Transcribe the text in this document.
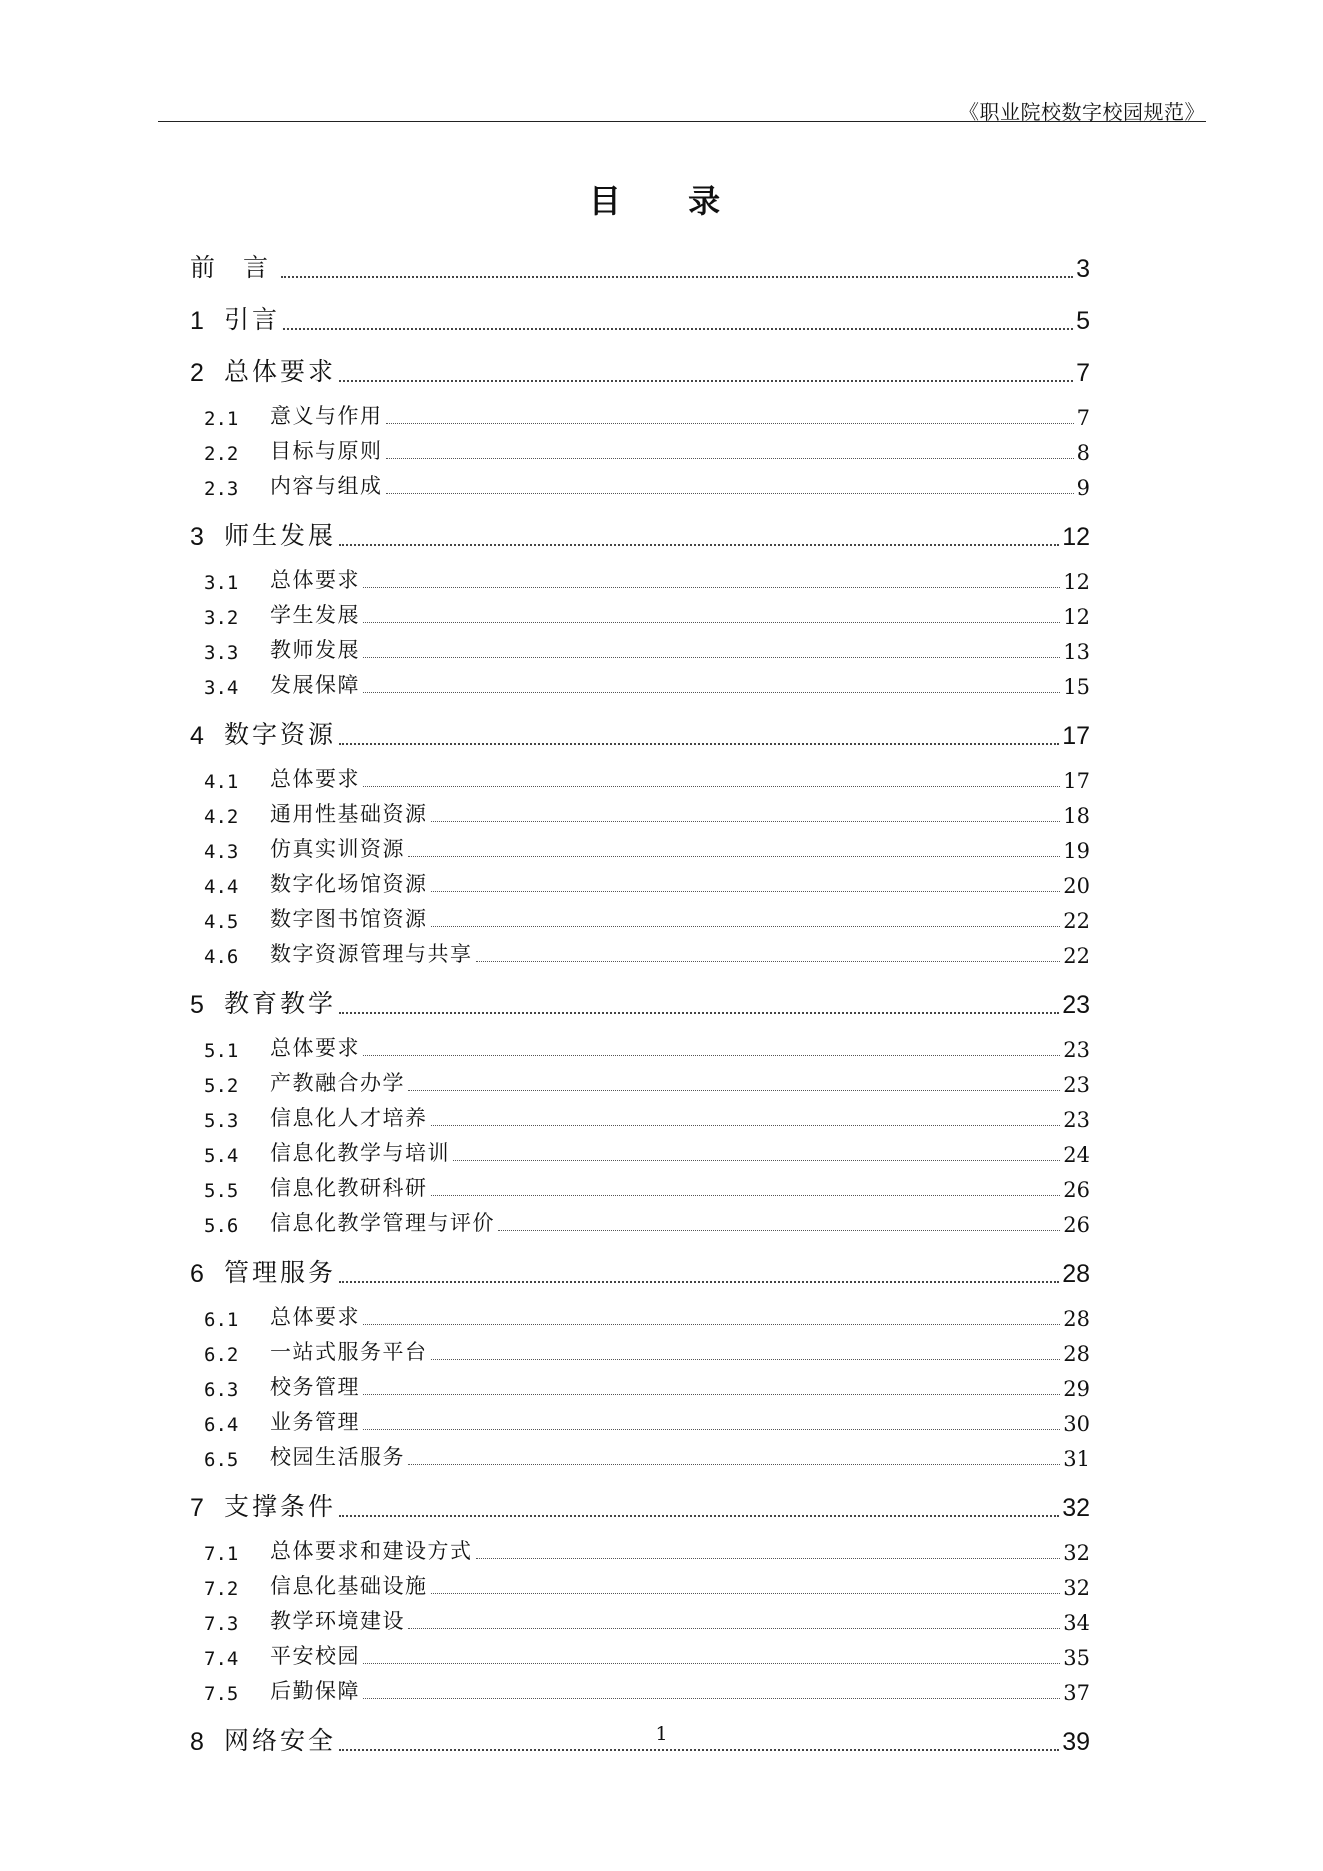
《职业院校数字校园规范》
目 录
前 言	3
1 引言	5
2 总体要求	7
2.1	意义与作用	7
2.2	目标与原则	8
2.3	内容与组成	9
3 师生发展	12
3.1	总体要求	12
3.2	学生发展	12
3.3	教师发展	13
3.4	发展保障	15
4 数字资源	17
4.1	总体要求	17
4.2	通用性基础资源	18
4.3	仿真实训资源	19
4.4	数字化场馆资源	20
4.5	数字图书馆资源	22
4.6	数字资源管理与共享	22
5 教育教学	23
5.1	总体要求	23
5.2	产教融合办学	23
5.3	信息化人才培养	23
5.4	信息化教学与培训	24
5.5	信息化教研科研	26
5.6	信息化教学管理与评价	26
6 管理服务	28
6.1	总体要求	28
6.2	一站式服务平台	28
6.3	校务管理	29
6.4	业务管理	30
6.5	校园生活服务	31
7 支撑条件	32
7.1	总体要求和建设方式	32
7.2	信息化基础设施	32
7.3	教学环境建设	34
7.4	平安校园	35
7.5	后勤保障	37
8 网络安全	39
1
